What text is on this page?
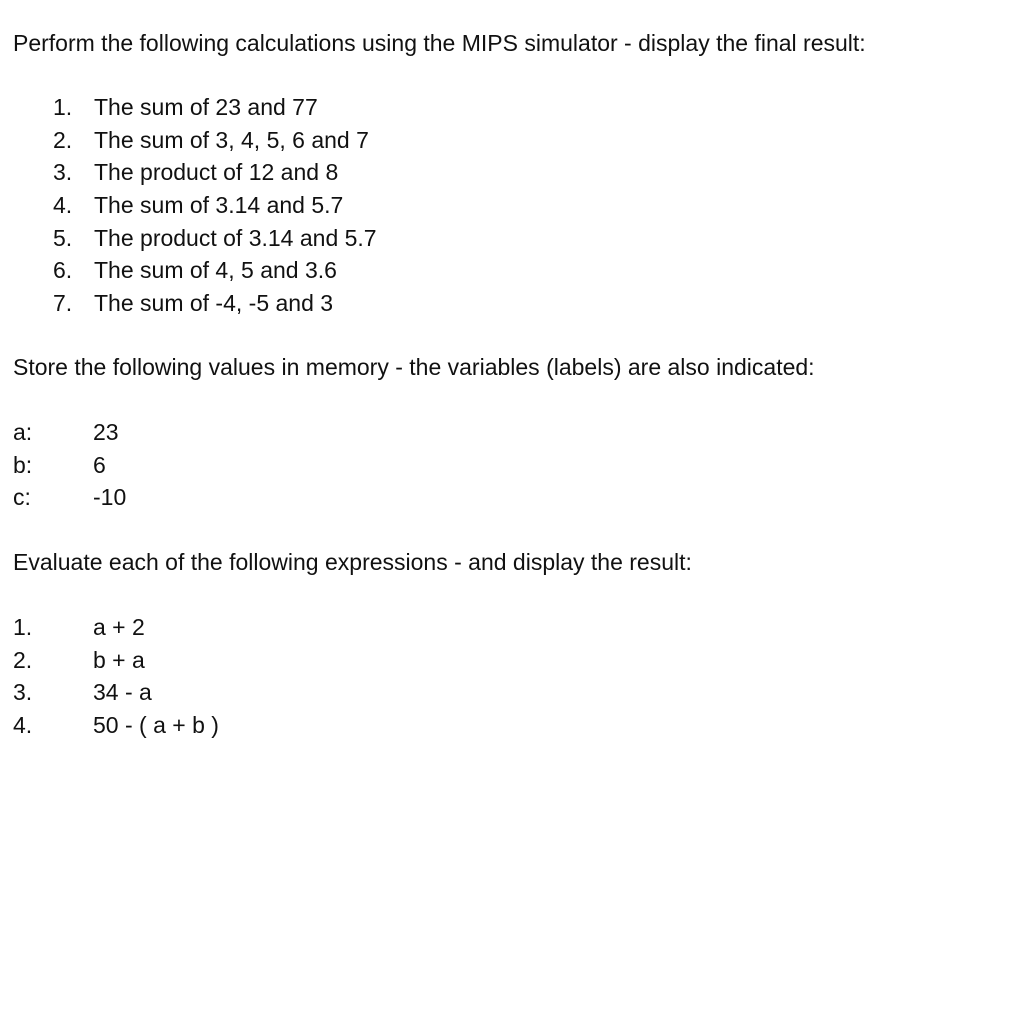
Perform the following calculations using the MIPS simulator - display the final result:
1. The sum of 23 and 77
2. The sum of 3, 4, 5, 6 and 7
3. The product of 12 and 8
4. The sum of 3.14 and 5.7
5. The product of 3.14 and 5.7
6. The sum of 4, 5 and 3.6
7. The sum of -4, -5 and 3
Store the following values in memory - the variables (labels) are also indicated:
a:	23
b:	6
c:	-10
Evaluate each of the following expressions - and display the result:
1.	a + 2
2.	b + a
3.	34 - a
4.	50 - ( a + b )
